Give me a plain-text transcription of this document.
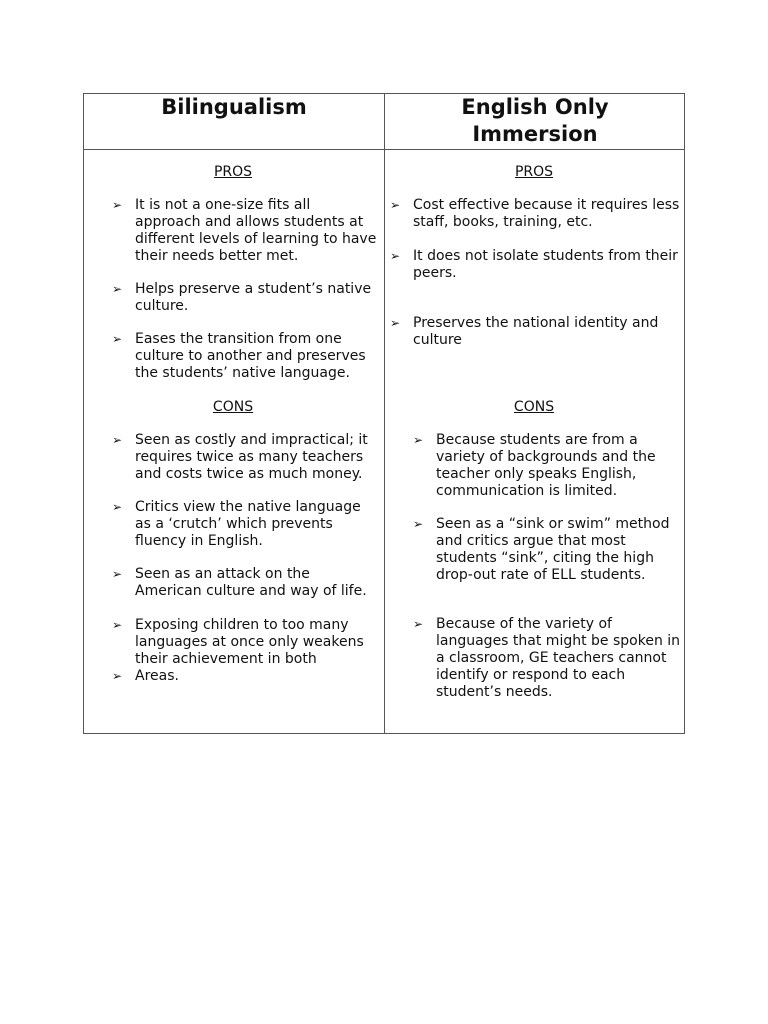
Bilingualism	English Only
Immersion
PROS
CONS
PROS
CONS
➢ It is not a one-size fits all
approach and allows students at
different levels of learning to have
their needs better met.
➢ Helps preserve a student’s native
culture.
➢ Eases the transition from one
culture to another and preserves
the students’ native language.
➢ Seen as costly and impractical; it
requires twice as many teachers
and costs twice as much money.
➢ Critics view the native language
as a ‘crutch’ which prevents
fluency in English.
➢ Seen as an attack on the
American culture and way of life.
➢ Exposing children to too many
languages at once only weakens
their achievement in both
➢ Areas.
➢ Cost effective because it requires less
staff, books, training, etc.
➢ It does not isolate students from their
peers.
➢ Preserves the national identity and
culture
➢ Because students are from a
variety of backgrounds and the
teacher only speaks English,
communication is limited.
➢ Seen as a “sink or swim” method
and critics argue that most
students “sink”, citing the high
drop-out rate of ELL students.
➢ Because of the variety of
languages that might be spoken in
a classroom, GE teachers cannot
identify or respond to each
student’s needs.
